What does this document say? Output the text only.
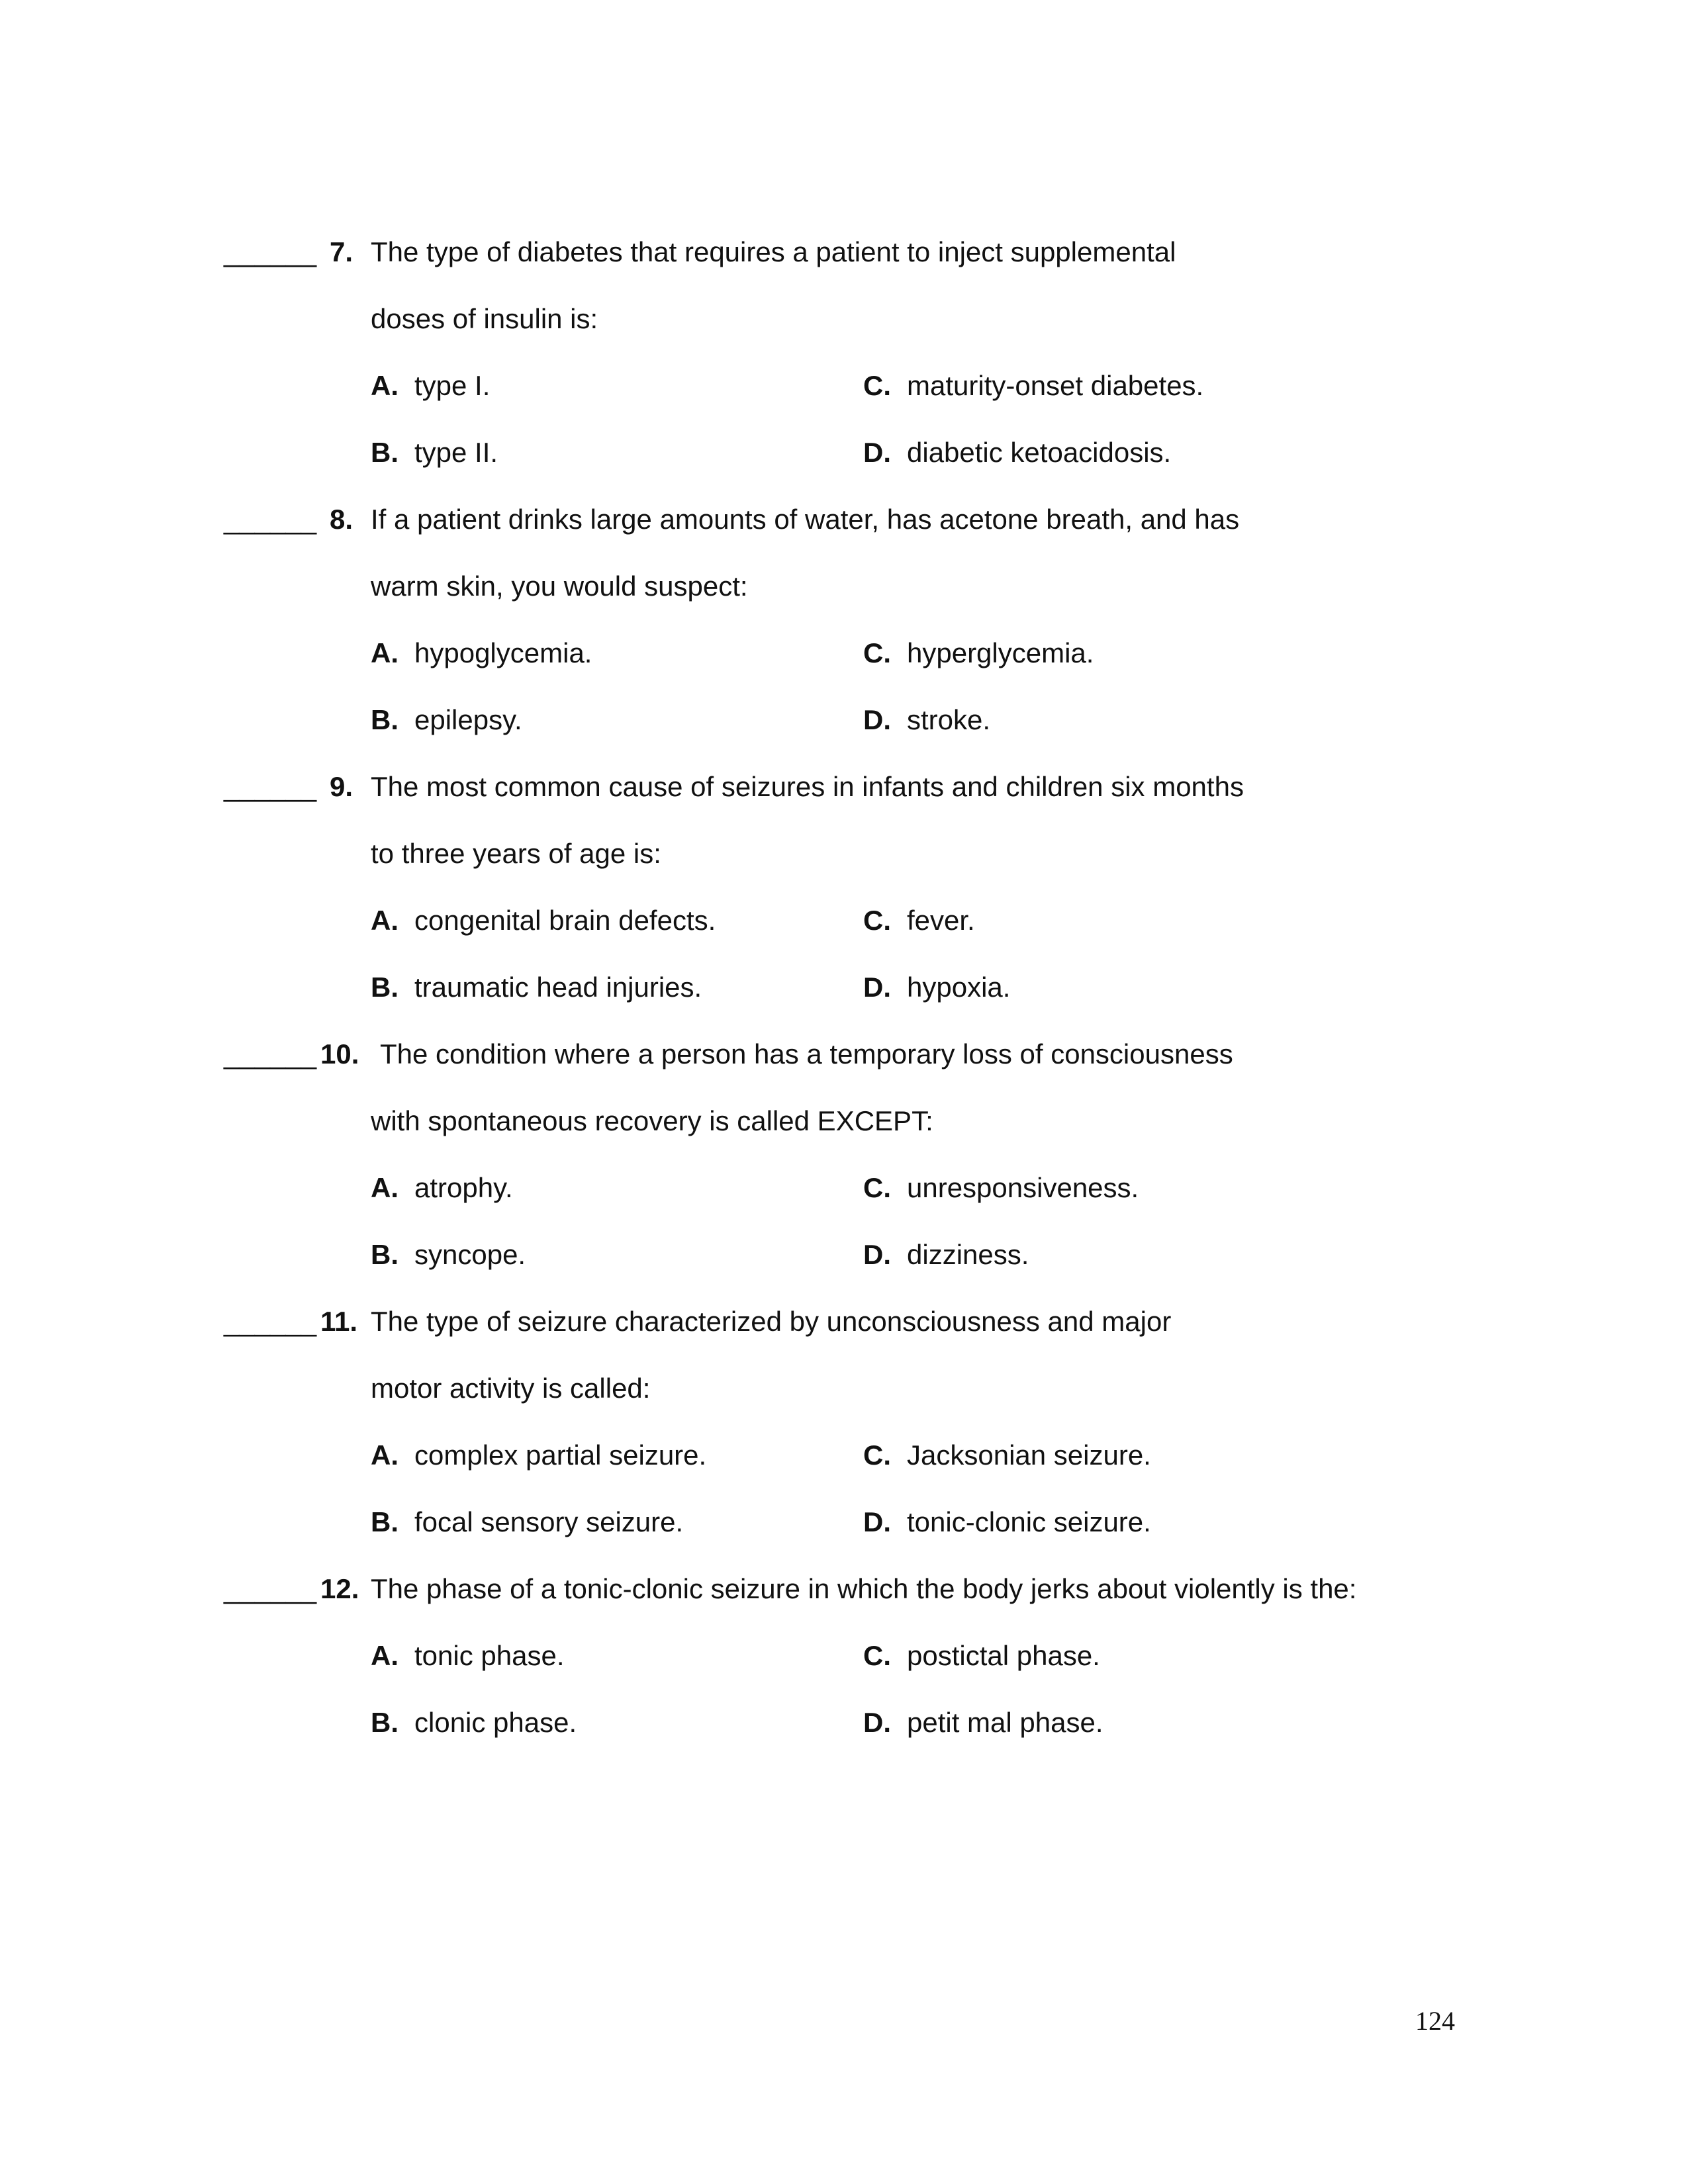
______ 7. The type of diabetes that requires a patient to inject supplemental
doses of insulin is:
A. type I.	C. maturity-onset diabetes.
B. type II.	D. diabetic ketoacidosis.
______ 8. If a patient drinks large amounts of water, has acetone breath, and has
warm skin, you would suspect:
A. hypoglycemia.	C. hyperglycemia.
B. epilepsy.	D. stroke.
______ 9. The most common cause of seizures in infants and children six months
to three years of age is:
A. congenital brain defects.	C. fever.
B. traumatic head injuries.	D. hypoxia.
______ 10. The condition where a person has a temporary loss of consciousness
with spontaneous recovery is called EXCEPT:
A. atrophy.	C. unresponsiveness.
B. syncope.	D. dizziness.
______ 11. The type of seizure characterized by unconsciousness and major
motor activity is called:
A. complex partial seizure.	C. Jacksonian seizure.
B. focal sensory seizure.	D. tonic-clonic seizure.
______ 12. The phase of a tonic-clonic seizure in which the body jerks about violently is the:
A. tonic phase.	C. postictal phase.
B. clonic phase.	D. petit mal phase.
124
